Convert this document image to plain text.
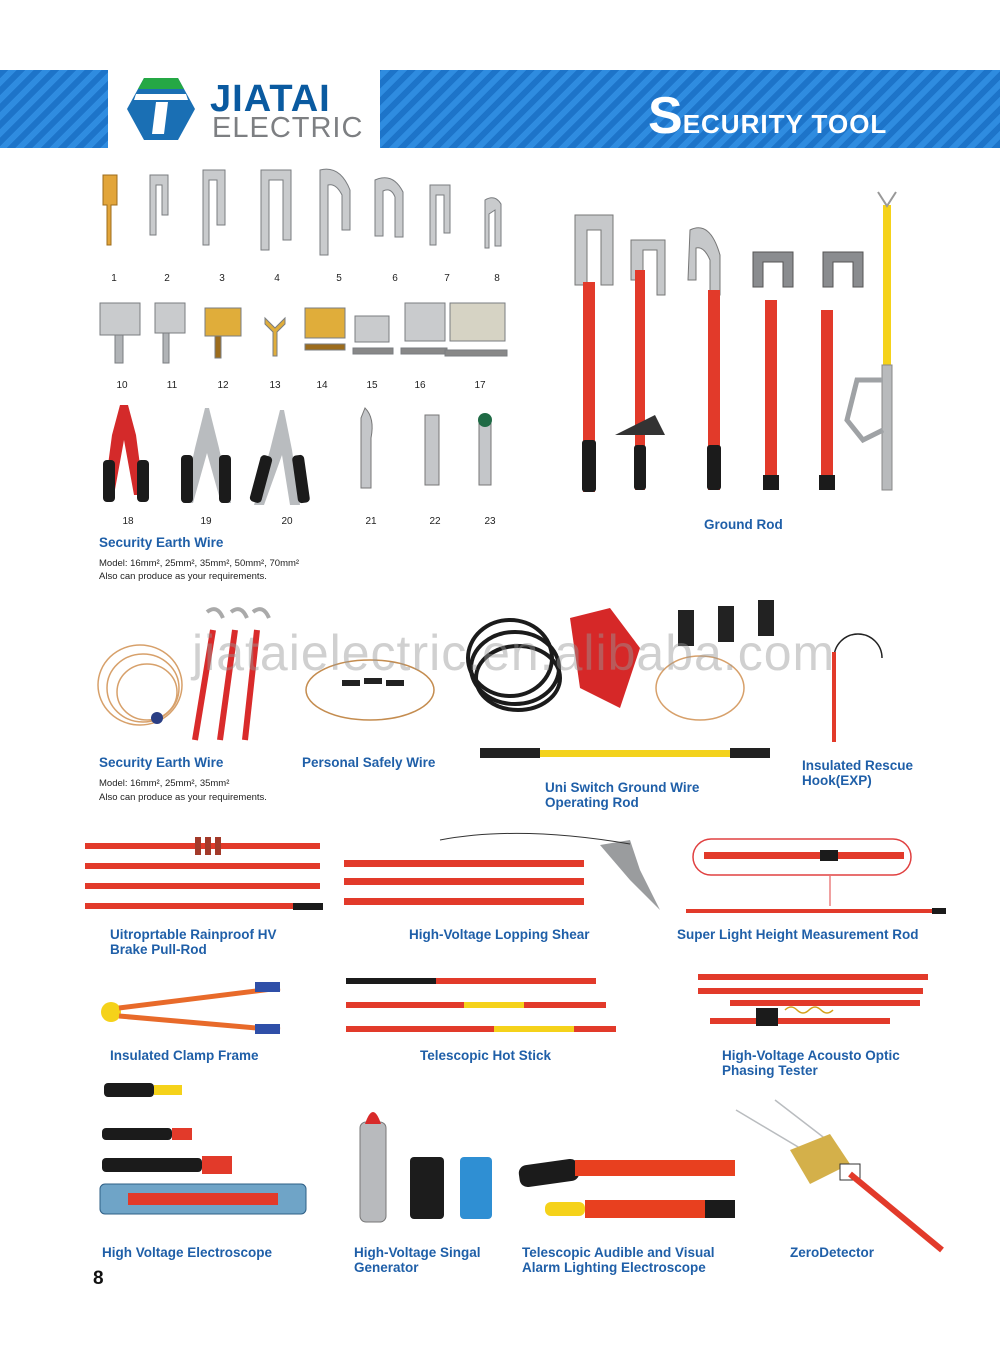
JIATAI
ELECTRIC	SECURITY TOOL
1	2	3	4	5	6	7	8
10	11	12	13	14	15	16	17
18	19	20	21	22	23
Security Earth Wire
Model: 16mm², 25mm², 35mm², 50mm², 70mm²
Also can produce as your requirements.
Ground Rod
Security Earth Wire
Model: 16mm², 25mm², 35mm²
Also can produce as your requirements.
Personal Safely Wire
Uni Switch Ground Wire
Operating Rod
Insulated Rescue
Hook(EXP)
jiataielectric.en.alibaba.com
Uitroprtable Rainproof HV
Brake Pull-Rod
High-Voltage Lopping Shear	Super Light Height Measurement Rod
Insulated Clamp Frame	Telescopic Hot Stick	High-Voltage Acousto Optic
Phasing Tester
High Voltage Electroscope	High-Voltage Singal
Generator
Telescopic Audible and Visual
Alarm Lighting Electroscope
ZeroDetector
8
